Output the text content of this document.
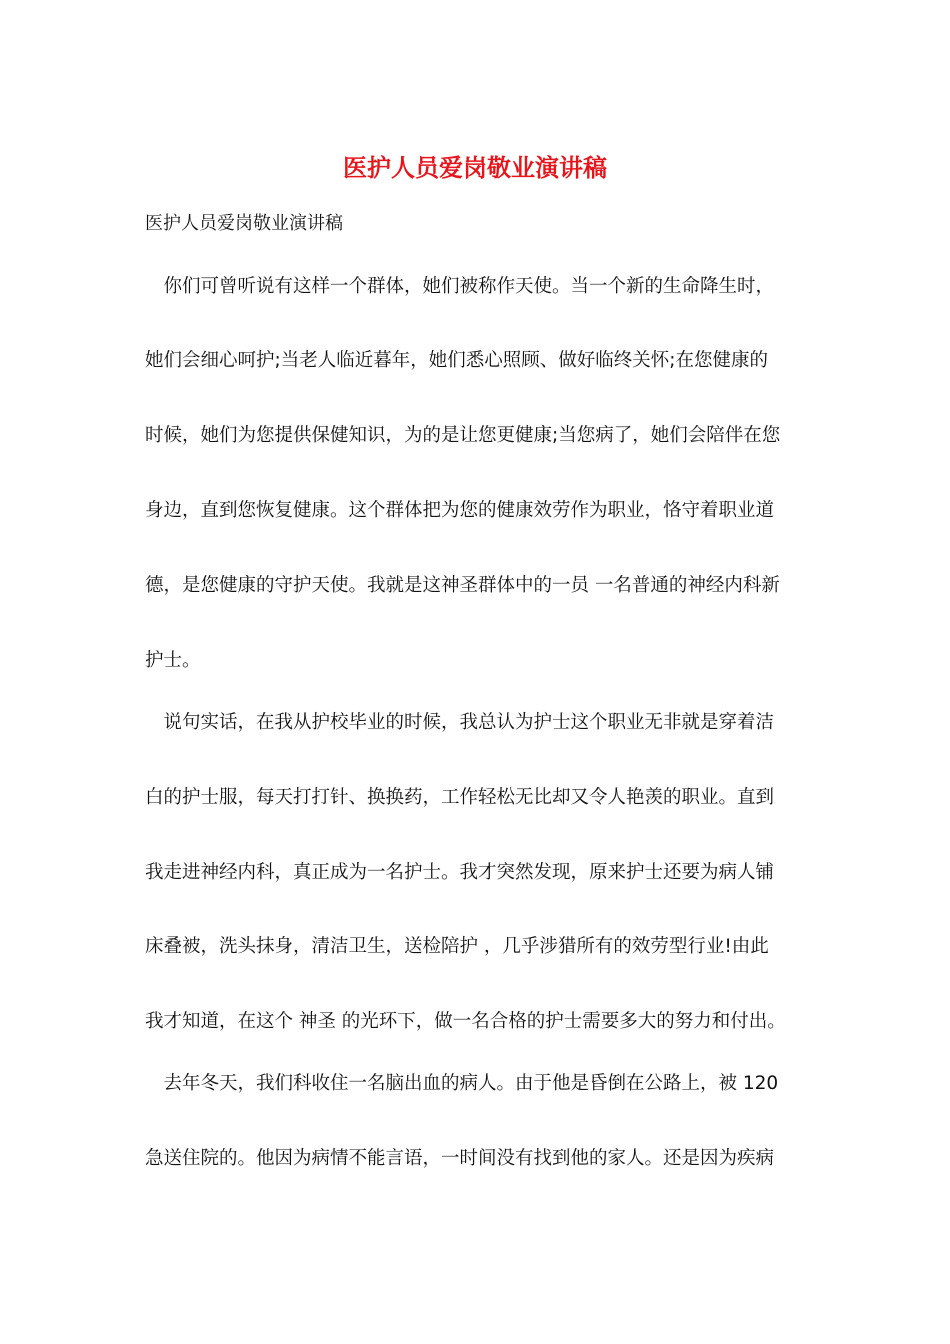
医护人员爱岗敬业演讲稿
医护人员爱岗敬业演讲稿
　你们可曾听说有这样一个群体，她们被称作天使。当一个新的生命降生时，
她们会细心呵护;当老人临近暮年，她们悉心照顾、做好临终关怀;在您健康的
时候，她们为您提供保健知识，为的是让您更健康;当您病了，她们会陪伴在您
身边，直到您恢复健康。这个群体把为您的健康效劳作为职业，恪守着职业道
德，是您健康的守护天使。我就是这神圣群体中的一员 一名普通的神经内科新
护士。
　说句实话，在我从护校毕业的时候，我总认为护士这个职业无非就是穿着洁
白的护士服，每天打打针、换换药，工作轻松无比却又令人艳羡的职业。直到
我走进神经内科，真正成为一名护士。我才突然发现，原来护士还要为病人铺
床叠被，洗头抹身，清洁卫生，送检陪护 ，几乎涉猎所有的效劳型行业!由此
我才知道，在这个 神圣 的光环下，做一名合格的护士需要多大的努力和付出。
　去年冬天，我们科收住一名脑出血的病人。由于他是昏倒在公路上，被 120
急送住院的。他因为病情不能言语，一时间没有找到他的家人。还是因为疾病
